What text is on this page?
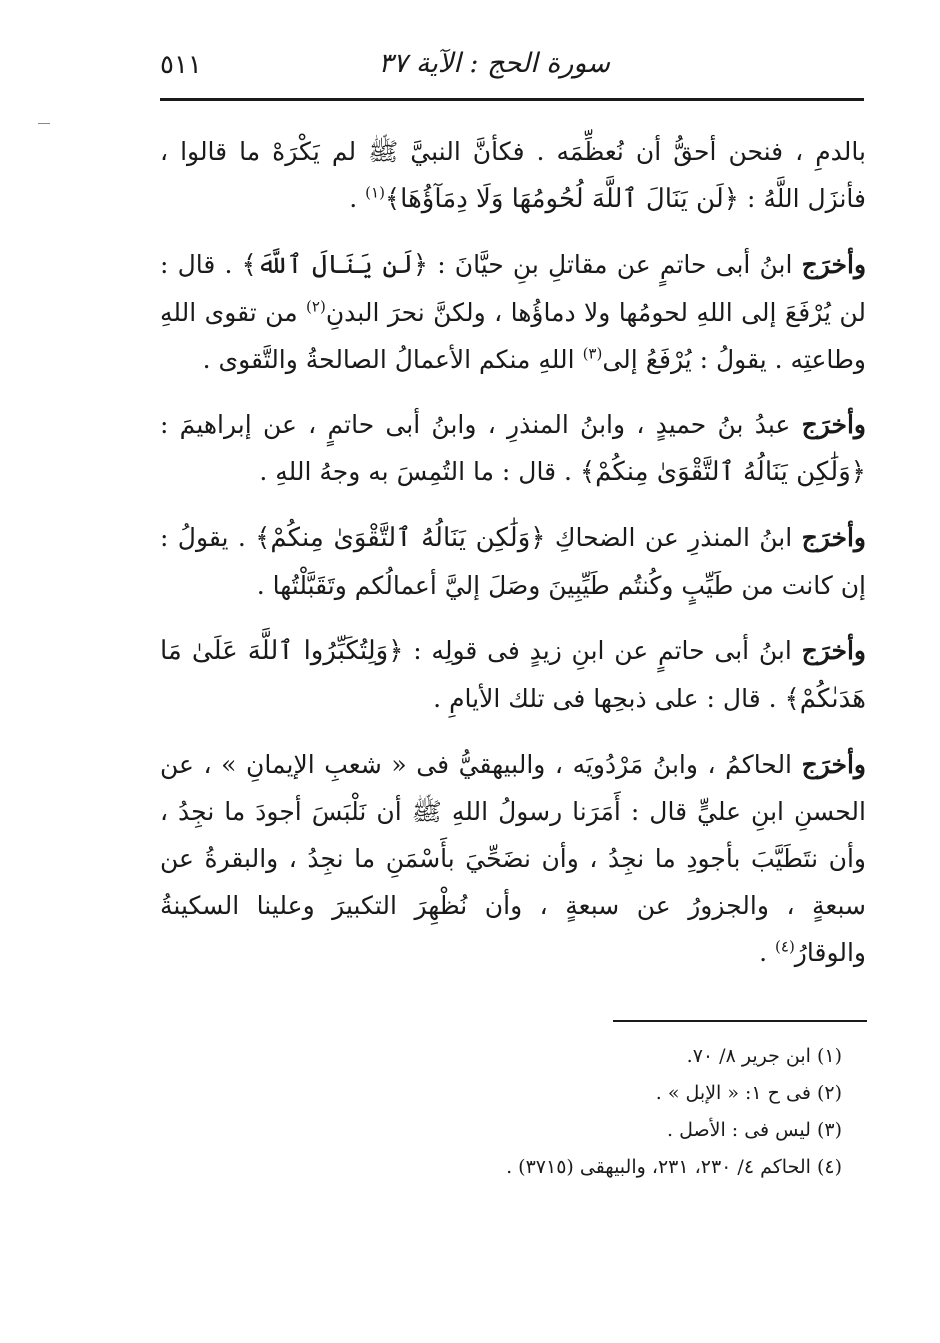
سورة الحج : الآية ٣٧
٥١١

بالدمِ ، فنحن أحقُّ أن نُعظِّمَه . فكأنَّ النبيَّ ﷺ لم يَكْرَهْ ما قالوا ، فأنزَل اللَّهُ : ﴿لَن يَنَالَ ٱللَّهَ لُحُومُهَا وَلَا دِمَآؤُهَا﴾$^{(١)}$ .

وأخرَج ابنُ أبى حاتمٍ عن مقاتلِ بنِ حيَّانَ : ﴿لَن يَنَالَ ٱللَّهَ﴾ . قال : لن يُرْفَعَ إلى اللهِ لحومُها ولا دماؤُها ، ولكنَّ نحرَ البدنِ$^{(٢)}$ من تقوى اللهِ وطاعتِه . يقولُ : يُرْفَعُ إلى$^{(٣)}$ اللهِ منكم الأعمالُ الصالحةُ والتَّقوى .

وأخرَج عبدُ بنُ حميدٍ ، وابنُ المنذرِ ، وابنُ أبى حاتمٍ ، عن إبراهيمَ : ﴿وَلَٰكِن يَنَالُهُ ٱلتَّقْوَىٰ مِنكُمْ﴾ . قال : ما التُمِسَ به وجهُ اللهِ .

وأخرَج ابنُ المنذرِ عن الضحاكِ ﴿وَلَٰكِن يَنَالُهُ ٱلتَّقْوَىٰ مِنكُمْ﴾ . يقولُ : إن كانت من طَيِّبٍ وكُنتُم طَيِّبِينَ وصَلَ إليَّ أعمالُكم وتَقَبَّلْتُها .

وأخرَج ابنُ أبى حاتمٍ عن ابنِ زيدٍ فى قولِه : ﴿وَلِتُكَبِّرُوا ٱللَّهَ عَلَىٰ مَا هَدَىٰكُمْ﴾ . قال : على ذبحِها فى تلك الأيامِ .

وأخرَج الحاكمُ ، وابنُ مَرْدُويَه ، والبيهقيُّ فى « شعبِ الإيمانِ » ، عن الحسنِ ابنِ عليٍّ قال : أَمَرَنا رسولُ اللهِ ﷺ أن نَلْبَسَ أجودَ ما نجِدُ ، وأن نتَطَيَّبَ بأجودِ ما نجِدُ ، وأن نضَحِّيَ بأَسْمَنِ ما نجِدُ ، والبقرةُ عن سبعةٍ ، والجزورُ عن سبعةٍ ، وأن نُظْهِرَ التكبيرَ وعلينا السكينةُ والوقارُ$^{(٤)}$ .

(١) ابن جرير ٨/ ٧٠.

(٢) فى ح ١: « الإبل » .

(٣) ليس فى : الأصل .

(٤) الحاكم ٤/ ٢٣٠، ٢٣١، والبيهقى (٣٧١٥) .
